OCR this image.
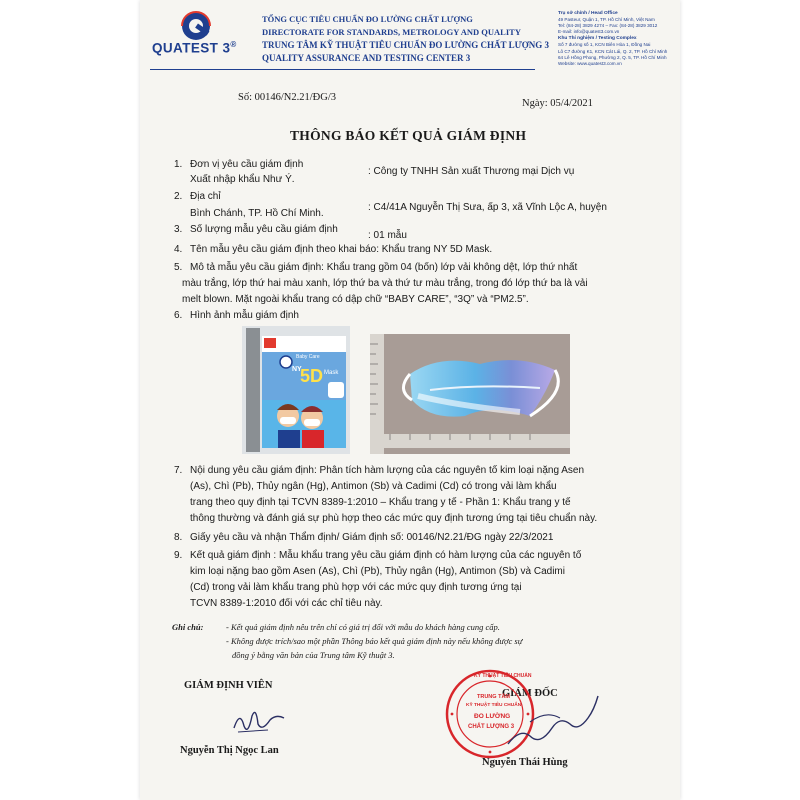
QUATEST 3®
TỔNG CỤC TIÊU CHUẨN ĐO LƯỜNG CHẤT LƯỢNG
DIRECTORATE FOR STANDARDS, METROLOGY AND QUALITY
TRUNG TÂM KỸ THUẬT TIÊU CHUẨN ĐO LƯỜNG CHẤT LƯỢNG 3
QUALITY ASSURANCE AND TESTING CENTER 3
Trụ sở chính / Head Office
49 Pasteur, Quận 1, TP. Hồ Chí Minh, Việt Nam
Tel: (84-28) 3829 4274 – Fax: (84-28) 3829 3012
E-mail: info@quatest3.com.vn
Khu Thí nghiệm / Testing Complex
Số 7 đường số 1, KCN Biên Hòa 1, Đồng Nai
Lô C7 đường K1, KCN Cát Lái, Q. 2, TP. Hồ Chí Minh
64 Lê Hồng Phong, Phường 2, Q. 5, TP. Hồ Chí Minh
Website: www.quatest3.com.vn
Số: 00146/N2.21/ĐG/3
Ngày: 05/4/2021
THÔNG BÁO KẾT QUẢ GIÁM ĐỊNH
1. Đơn vị yêu cầu giám định
: Công ty TNHH Sản xuất Thương mại Dịch vụ
Xuất nhập khẩu Như Ý.
2. Địa chỉ
: C4/41A Nguyễn Thị Sưa, ấp 3, xã Vĩnh Lộc A, huyện
Bình Chánh, TP. Hồ Chí Minh.
3. Số lượng mẫu yêu cầu giám định
: 01 mẫu
4. Tên mẫu yêu cầu giám định theo khai báo: Khẩu trang NY 5D Mask.
5. Mô tả mẫu yêu cầu giám định: Khẩu trang gồm 04 (bốn) lớp vải không dệt, lớp thứ nhất
màu trắng, lớp thứ hai màu xanh, lớp thứ ba và thứ tư màu trắng, trong đó lớp thứ ba là vải
melt blown. Mặt ngoài khẩu trang có dập chữ “BABY CARE”, “3Q” và “PM2.5”.
6. Hình ảnh mẫu giám định
Baby Care
NY
5D Mask
7. Nội dung yêu cầu giám định: Phân tích hàm lượng của các nguyên tố kim loại nặng Asen
(As), Chì (Pb), Thủy ngân (Hg), Antimon (Sb) và Cadimi (Cd) có trong vải làm khẩu
trang theo quy định tại TCVN 8389-1:2010 – Khẩu trang y tế - Phần 1: Khẩu trang y tế
thông thường và đánh giá sự phù hợp theo các mức quy định tương ứng tại tiêu chuẩn này.
8. Giấy yêu cầu và nhận Thẩm định/ Giám định số: 00146/N2.21/ĐG ngày 22/3/2021
9. Kết quả giám định : Mẫu khẩu trang yêu cầu giám định có hàm lượng của các nguyên tố
kim loại nặng bao gồm Asen (As), Chì (Pb), Thủy ngân (Hg), Antimon (Sb) và Cadimi
(Cd) trong vải làm khẩu trang phù hợp với các mức quy định tương ứng tại
TCVN 8389-1:2010 đối với các chỉ tiêu này.
Ghi chú:	- Kết quả giám định nêu trên chỉ có giá trị đối với mẫu do khách hàng cung cấp.
- Không được trích/sao một phần Thông báo kết quả giám định này nếu không được sự
đồng ý bằng văn bản của Trung tâm Kỹ thuật 3.
GIÁM ĐỊNH VIÊN
Nguyễn Thị Ngọc Lan
GIÁM ĐỐC
KỸ THUẬT TIÊU CHUẨN
TRUNG TÂM
KỸ THUẬT TIÊU CHUẨN
ĐO LƯỜNG
CHẤT LƯỢNG 3
Nguyễn Thái Hùng
